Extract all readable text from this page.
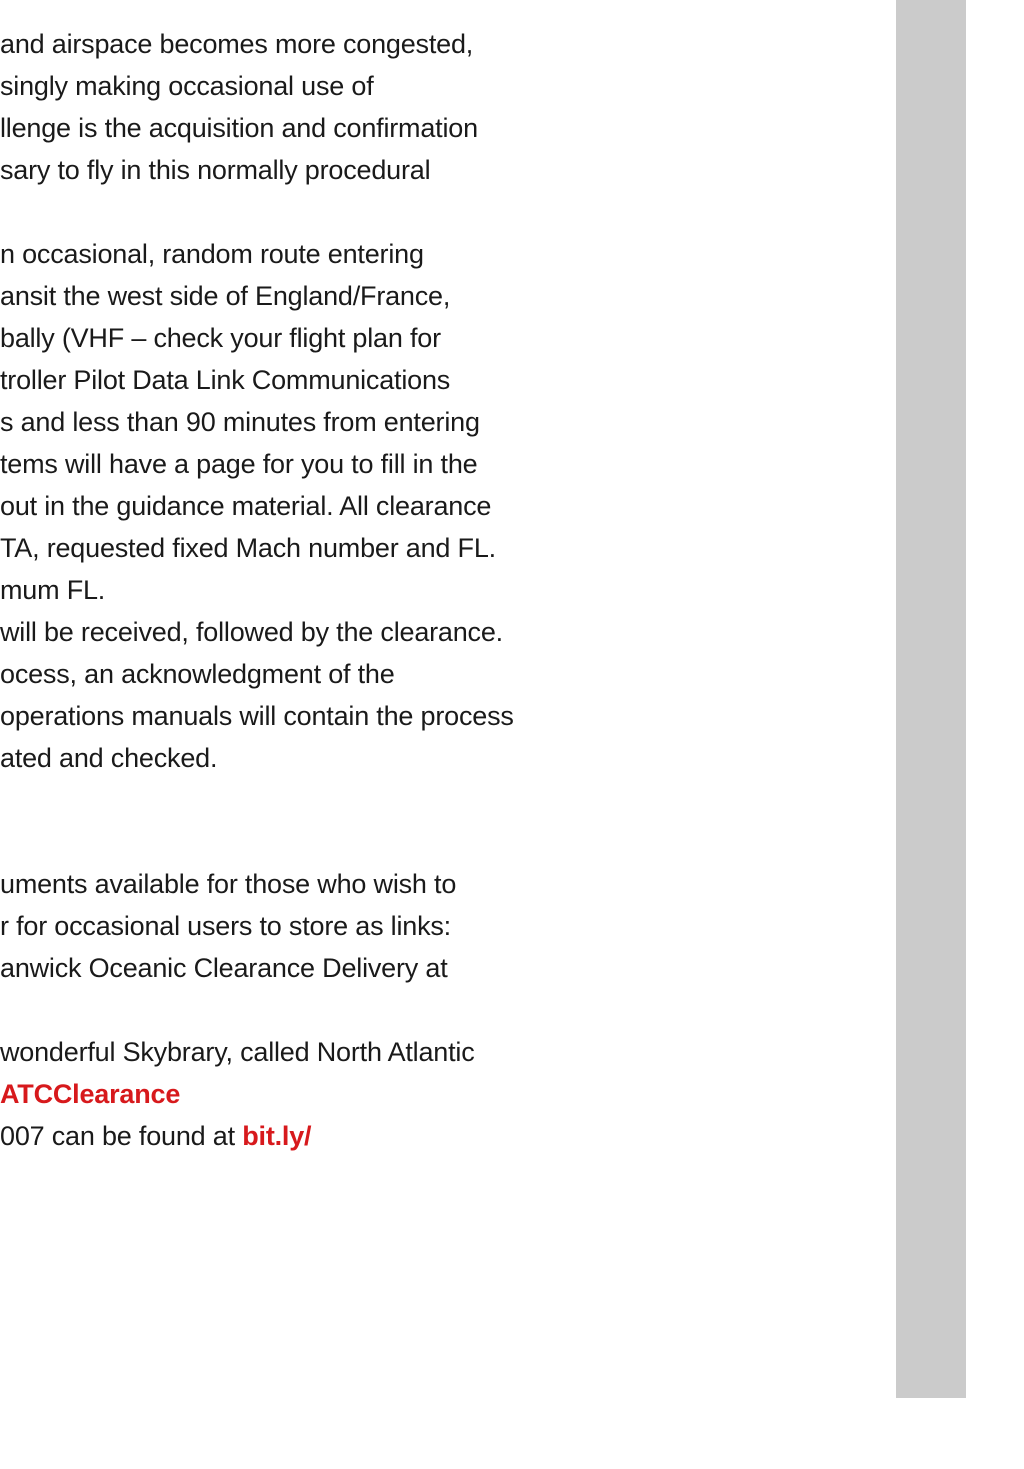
and airspace becomes more congested,
singly making occasional use of
llenge is the acquisition and confirmation
sary to fly in this normally procedural
n occasional, random route entering
ansit the west side of England/France,
bally (VHF – check your flight plan for
troller Pilot Data Link Communications
s and less than 90 minutes from entering
tems will have a page for you to fill in the
out in the guidance material. All clearance
TA, requested fixed Mach number and FL.
mum FL.
will be received, followed by the clearance.
ocess, an acknowledgment of the
operations manuals will contain the process
ated and checked.
uments available for those who wish to
r for occasional users to store as links:
anwick Oceanic Clearance Delivery at
wonderful Skybrary, called North Atlantic
ATCClearance
007 can be found at bit.ly/
